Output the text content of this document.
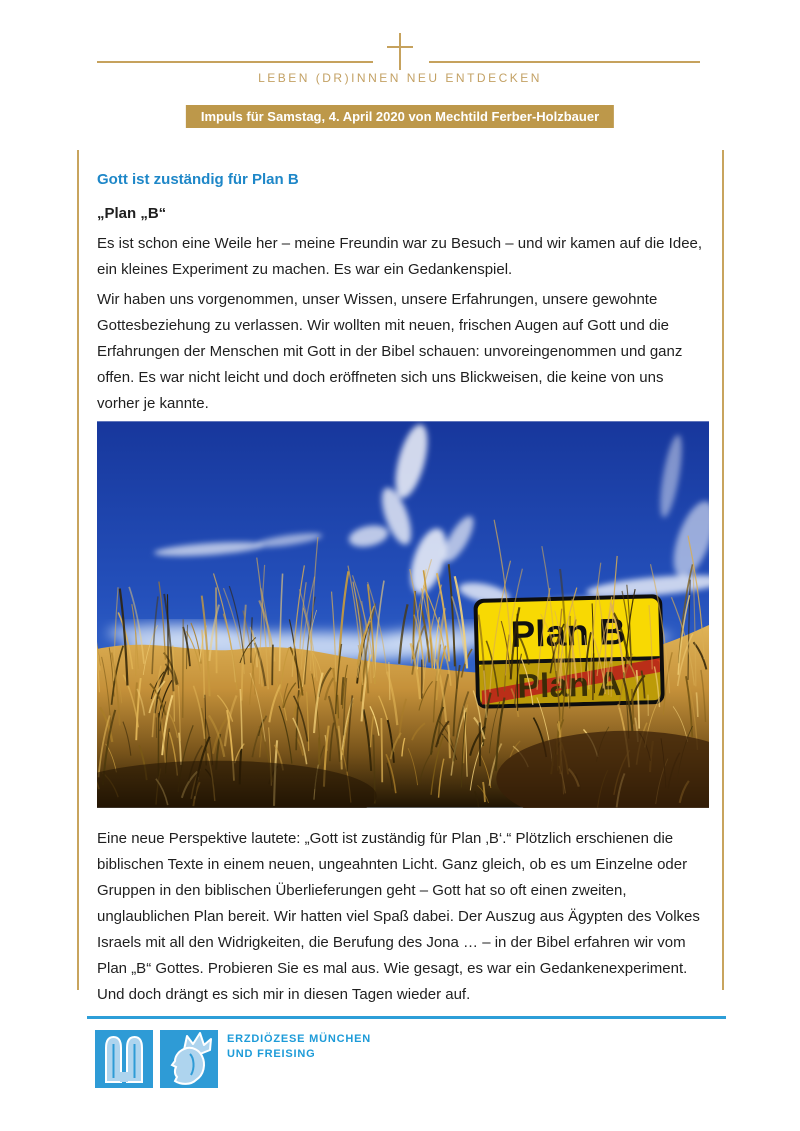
LEBEN (DR)INNEN NEU ENTDECKEN
Impuls für Samstag, 4. April 2020 von Mechtild Ferber-Holzbauer
Gott ist zuständig für Plan B

„Plan „B“

Es ist schon eine Weile her – meine Freundin war zu Besuch – und wir kamen auf die Idee, ein kleines Experiment zu machen. Es war ein Gedankenspiel.

Wir haben uns vorgenommen, unser Wissen, unsere Erfahrungen, unsere gewohnte Gottesbeziehung zu verlassen. Wir wollten mit neuen, frischen Augen auf Gott und die Erfahrungen der Menschen mit Gott in der Bibel schauen: unvoreingenommen und ganz offen. Es war nicht leicht und doch eröffneten sich uns Blickweisen, die keine von uns vorher je kannte.

Plan B
Plan A

Eine neue Perspektive lautete: „Gott ist zuständig für Plan ‚B‘.“ Plötzlich erschienen die biblischen Texte in einem neuen, ungeahnten Licht. Ganz gleich, ob es um Einzelne oder Gruppen in den biblischen Überlieferungen geht – Gott hat so oft einen zweiten, unglaublichen Plan bereit. Wir hatten viel Spaß dabei. Der Auszug aus Ägypten des Volkes Israels mit all den Widrigkeiten, die Berufung des Jona … – in der Bibel erfahren wir vom Plan „B“ Gottes. Probieren Sie es mal aus. Wie gesagt, es war ein Gedankenexperiment. Und doch drängt es sich mir in diesen Tagen wieder auf.

ERZDIÖZESE MÜNCHEN
UND FREISING
